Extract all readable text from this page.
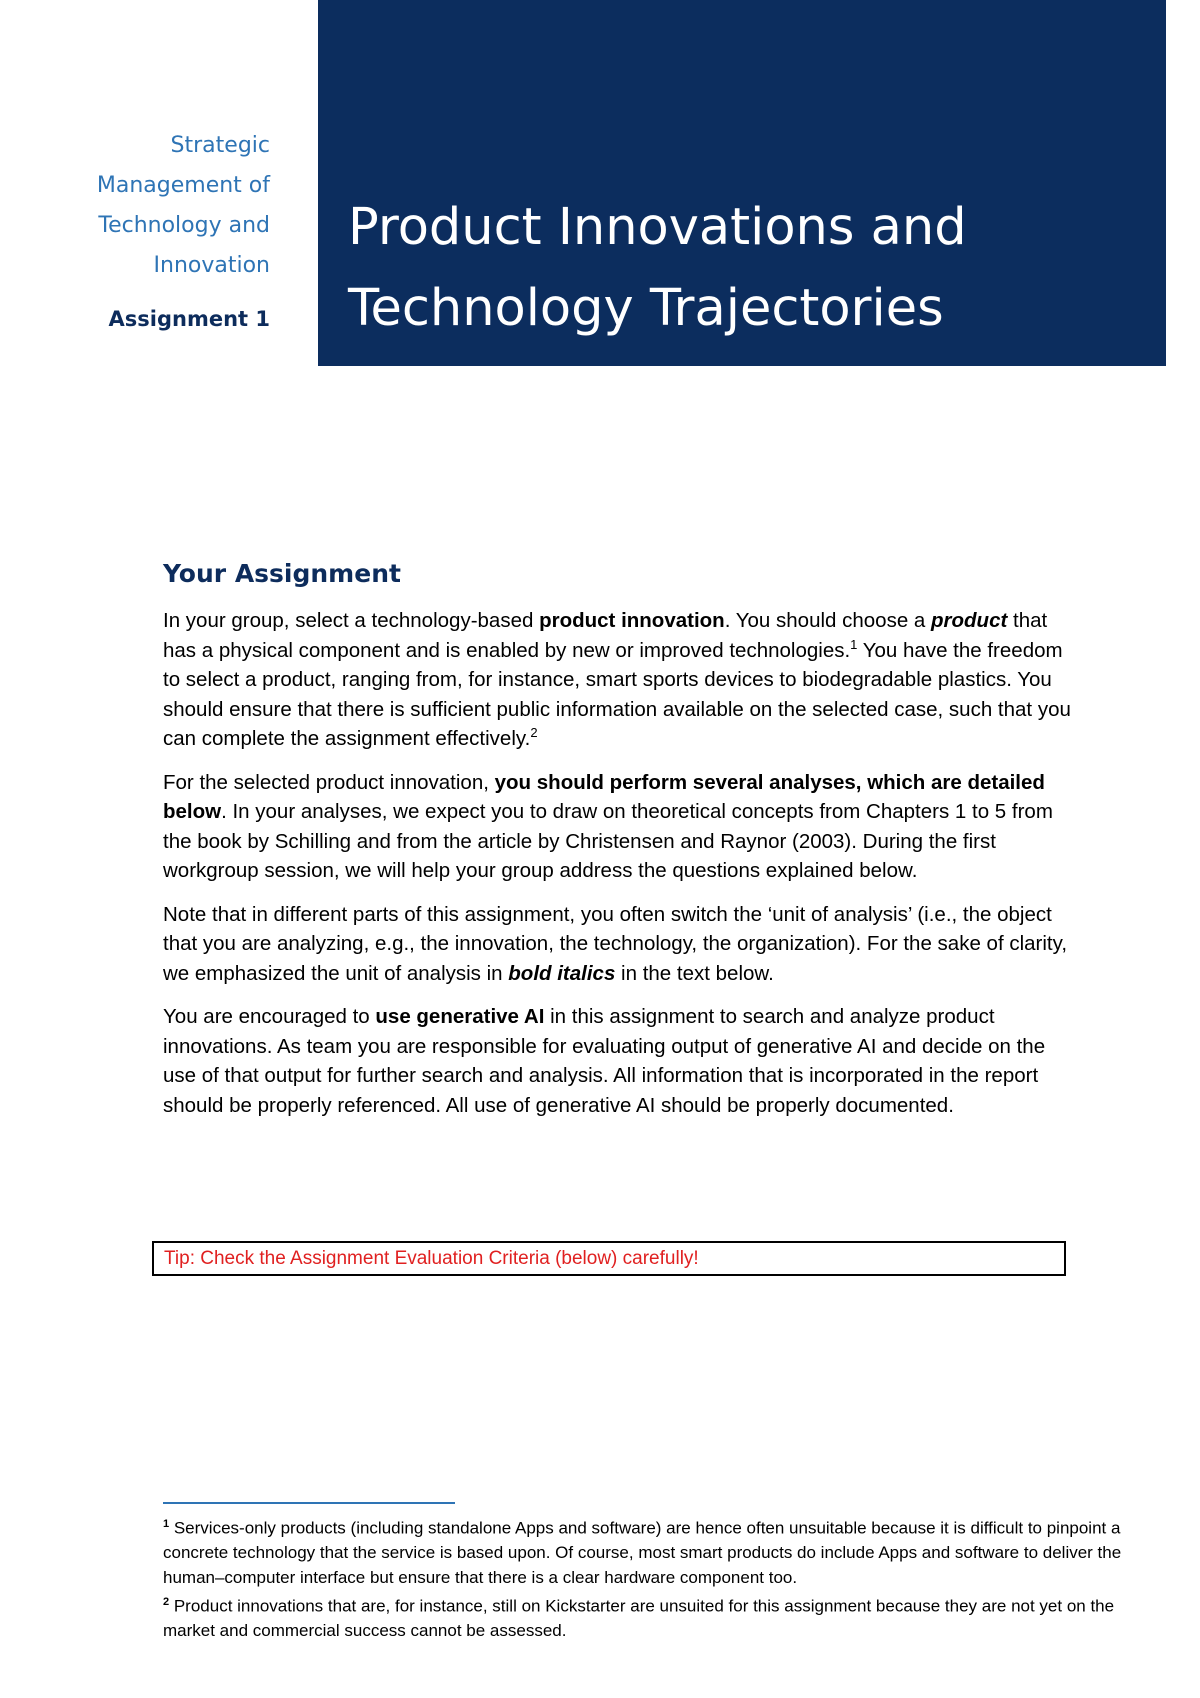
Strategic
Management of
Technology and
Innovation
Assignment 1
Product Innovations and
Technology Trajectories
Your Assignment

In your group, select a technology-based product innovation. You should choose a product that has a physical component and is enabled by new or improved technologies.$^1$ You have the freedom to select a product, ranging from, for instance, smart sports devices to biodegradable plastics. You should ensure that there is sufficient public information available on the selected case, such that you can complete the assignment effectively.$^2$

For the selected product innovation, you should perform several analyses, which are detailed below. In your analyses, we expect you to draw on theoretical concepts from Chapters 1 to 5 from the book by Schilling and from the article by Christensen and Raynor (2003). During the first workgroup session, we will help your group address the questions explained below.

Note that in different parts of this assignment, you often switch the ‘unit of analysis’ (i.e., the object that you are analyzing, e.g., the innovation, the technology, the organization). For the sake of clarity, we emphasized the unit of analysis in bold italics in the text below.

You are encouraged to use generative AI in this assignment to search and analyze product innovations. As team you are responsible for evaluating output of generative AI and decide on the use of that output for further search and analysis. All information that is incorporated in the report should be properly referenced. All use of generative AI should be properly documented.

Tip: Check the Assignment Evaluation Criteria (below) carefully!

$^1$ Services-only products (including standalone Apps and software) are hence often unsuitable because it is difficult to pinpoint a concrete technology that the service is based upon. Of course, most smart products do include Apps and software to deliver the human–computer interface but ensure that there is a clear hardware component too.

$^2$ Product innovations that are, for instance, still on Kickstarter are unsuited for this assignment because they are not yet on the market and commercial success cannot be assessed.
